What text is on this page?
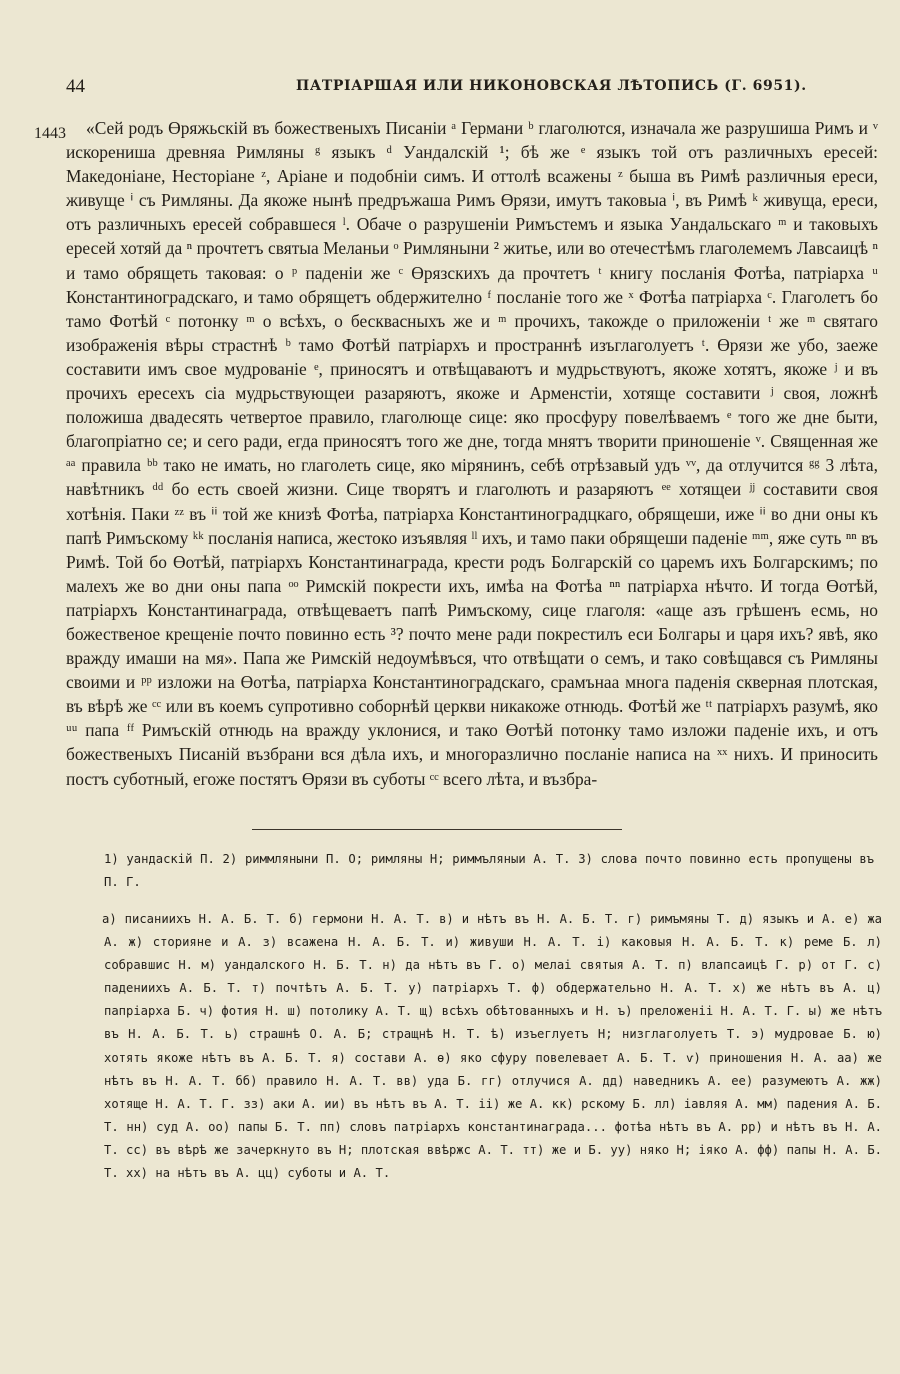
44	ПАТРІАРШАЯ ИЛИ НИКОНОВСКАЯ ЛѢТОПИСЬ (Г. 6951).
1443	«Сей родъ Өряжьскій въ божественыхъ Писаніи ᵃ Германи ᵇ глаголются, изначала же разрушиша Римъ и ᵛ искорениша древняа Римляны ᵍ языкъ ᵈ Уандалскій ¹; бѣ же ᵉ языкъ той отъ различныхъ ересей: Македоніане, Несторіане ᶻ, Аріане и подобніи симъ. И оттолѣ всажены ᶻ быша въ Римѣ различныя ереси, живуще ⁱ съ Римляны. Да якоже нынѣ предръжаша Римъ Өрязи, имутъ таковыа ⁱ, въ Римѣ ᵏ живуща, ереси, отъ различныхъ ересей собравшеся ˡ. Обаче о разрушеніи Римъстемъ и языка Уандальскаго ᵐ и таковыхъ ересей хотяй да ⁿ прочтетъ святыа Меланьи ᵒ Римляныни ² житье, или во отечестѣмъ глаголемемъ Лавсаицѣ ⁿ и тамо обрящеть таковая: о ᵖ паденіи же ᶜ Өрязскихъ да прочтетъ ᵗ книгу посланія Фотѣа, патріарха ᵘ Константиноградскаго, и тамо обрящетъ обдержително ᶠ посланіе того же ˣ Фотѣа патріарха ᶜ. Глаголетъ бо тамо Фотѣй ᶜ потонку ᵐ о всѣхъ, о бесквасныхъ же и ᵐ прочихъ, такожде о приложеніи ᵗ же ᵐ святаго изображенія вѣры страстнѣ ᵇ тамо Фотѣй патріархъ и пространнѣ изъглаголуетъ ᵗ. Өрязи же убо, заеже составити имъ свое мудрованіе ᵉ, приносятъ и отвѣщаваютъ и мудрьствуютъ, якоже хотятъ, якоже ʲ и въ прочихъ ересехъ сіа мудрьствующеи разаряютъ, якоже и Арменстіи, хотяще составити ʲ своя, ложнѣ положиша двадесять четвертое правило, глаголюще сице: яко просфуру повелѣваемъ ᵉ того же дне быти, благопріатно се; и сего ради, егда приносятъ того же дне, тогда мнятъ творити приношеніе ᵛ. Священная же ᵃᵃ правила ᵇᵇ тако не имать, но глаголеть сице, яко мірянинъ, себѣ отрѣзавый удъ ᵛᵛ, да отлучится ᵍᵍ 3 лѣта, навѣтникъ ᵈᵈ бо есть своей жизни. Сице творятъ и глаголють и разаряютъ ᵉᵉ хотящеи ʲʲ составити своя хотѣнія. Паки ᶻᶻ въ ⁱⁱ той же книзѣ Фотѣа, патріарха Константиноградцкаго, обрящеши, иже ⁱⁱ во дни оны къ папѣ Римъскому ᵏᵏ посланія написа, жестоко изъявляя ˡˡ ихъ, и тамо паки обрящеши паденіе ᵐᵐ, яже суть ⁿⁿ въ Римѣ. Той бо Өотѣй, патріархъ Константинаграда, крести родъ Болгарскій со царемъ ихъ Болгарскимъ; по малехъ же во дни оны папа ᵒᵒ Римскій покрести ихъ, имѣа на Фотѣа ⁿⁿ патріарха нѣчто. И тогда Өотѣй, патріархъ Константинаграда, отвѣщеваетъ папѣ Римъскому, сице глаголя: «аще азъ грѣшенъ есмь, но божественое крещеніе почто повинно есть ³? почто мене ради покрестилъ еси Болгары и царя ихъ? явѣ, яко вражду имаши на мя». Папа же Римскій недоумѣвъся, что отвѣщати о семъ, и тако совѣщався съ Римляны своими и ᵖᵖ изложи на Өотѣа, патріарха Константиноградскаго, срамънаа многа паденія скверная плотская, въ вѣрѣ же ᶜᶜ или въ коемъ супротивно соборнѣй церкви никакоже отнюдь. Фотѣй же ᵗᵗ патріархъ разумѣ, яко ᵘᵘ папа ᶠᶠ Римъскій отнюдь на вражду уклонися, и тако Өотѣй потонку тамо изложи паденіе ихъ, и отъ божественыхъ Писаній възбрани вся дѣла ихъ, и многоразлично посланіе написа на ˣˣ нихъ. И приносить постъ суботный, егоже постятъ Өрязи въ суботы ᶜᶜ всего лѣта, и възбра-

1) уандаскій П. 2) риммляныни П. О; римляны Н; риммъляныи А. Т. 3) слова почто повинно есть пропущены въ П. Г.

а) писаниихъ Н. А. Б. Т. б) гермони Н. А. Т. в) и нѣтъ въ Н. А. Б. Т. г) римъмяны Т. д) языкъ и А. е) жа А. ж) сторияне и А. з) всажена Н. А. Б. Т. и) живуши Н. А. Т. і) каковыя Н. А. Б. Т. к) реме Б. л) собравшис Н. м) уандалского Н. Б. Т. н) да нѣтъ въ Г. о) мелаі святыя А. Т. п) влапсаицѣ Г. р) от Г. с) падениихъ А. Б. Т. т) почтѣтъ А. Б. Т. у) патріархъ Т. ф) обдержательно Н. А. Т. х) же нѣтъ въ А. ц) папріарха Б. ч) фотия Н. ш) потолику А. Т. щ) всѣхъ обѣтованныхъ и Н. ъ) преложеніі Н. А. Т. Г. ы) же нѣтъ въ Н. А. Б. Т. ь) страшнѣ О. А. Б; стращнѣ Н. Т. ѣ) изъеглуетъ Н; низглаголуетъ Т. э) мудровае Б. ю) хотять якоже нѣтъ въ А. Б. Т. я) состави А. ѳ) яко сфуру повелевает А. Б. Т. ѵ) приношения Н. А. аа) же нѣтъ въ Н. А. Т. бб) правило Н. А. Т. вв) уда Б. гг) отлучися А. дд) наведникъ А. ее) разумеютъ А. жж) хотяще Н. А. Т. Г. зз) аки А. ии) въ нѣтъ въ А. Т. іі) же А. кк) рскому Б. лл) іавляя А. мм) падения А. Б. Т. нн) суд А. оо) папы Б. Т. пп) словъ патріархъ константинаграда... фотѣа нѣтъ въ А. рр) и нѣтъ въ Н. А. Т. сс) въ вѣрѣ же зачеркнуто въ Н; плотская ввѣржс А. Т. тт) же и Б. уу) няко Н; іяко А. фф) папы Н. А. Б. Т. хх) на нѣтъ въ А. цц) суботы и А. Т.
